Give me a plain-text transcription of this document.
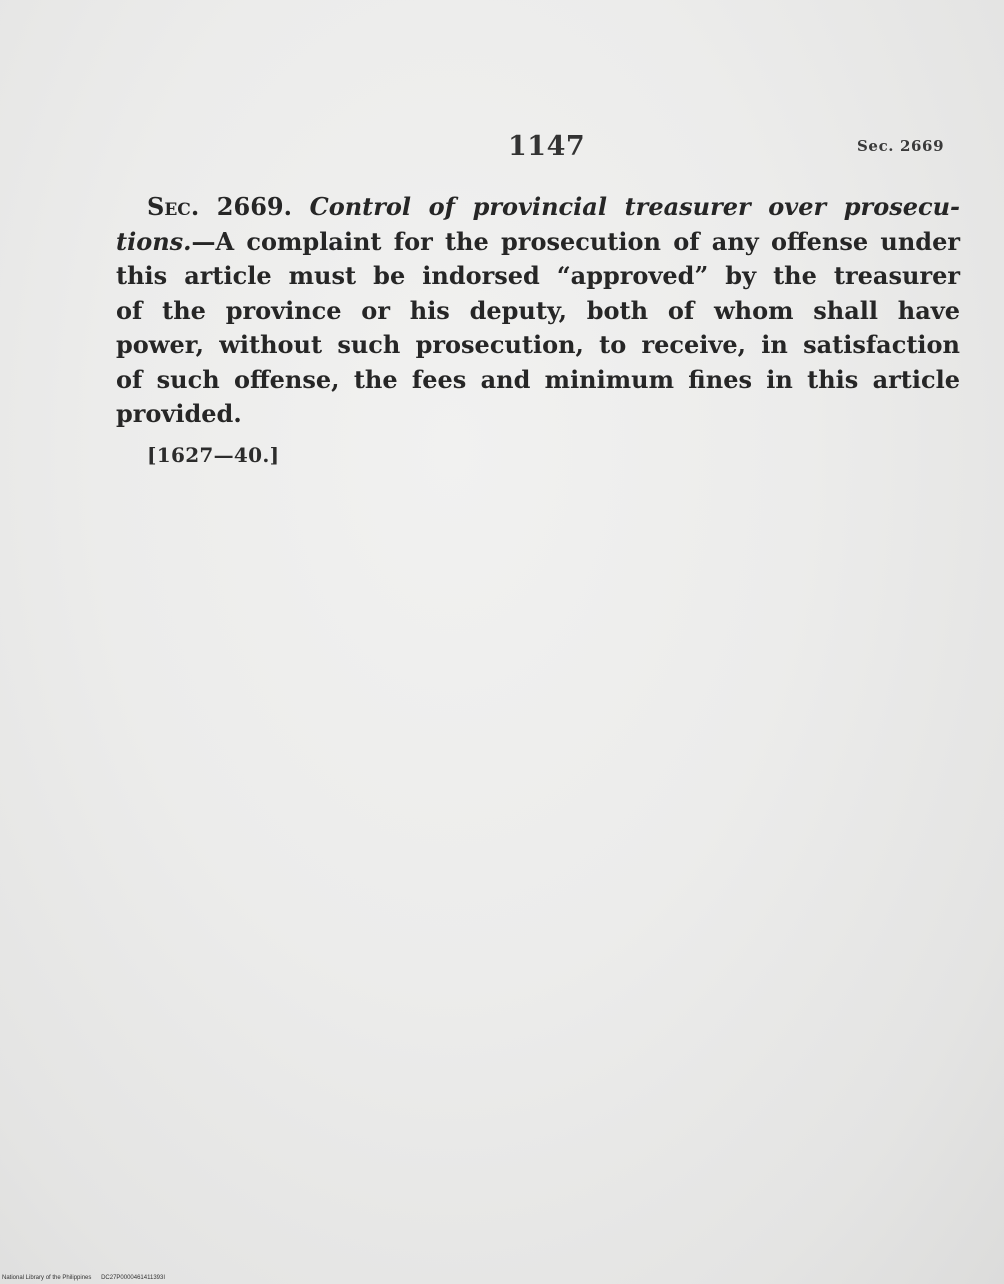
1147	Sec. 2669
Sec. 2669. Control of provincial treasurer over prosecu-
tions.—A complaint for the prosecution of any offense under
this article must be indorsed “approved” by the treasurer
of the province or his deputy, both of whom shall have
power, without such prosecution, to receive, in satisfaction
of such offense, the fees and minimum fines in this article
provided.
[1627—40.]
National Library of the Philippines DC27P0000461411393I
